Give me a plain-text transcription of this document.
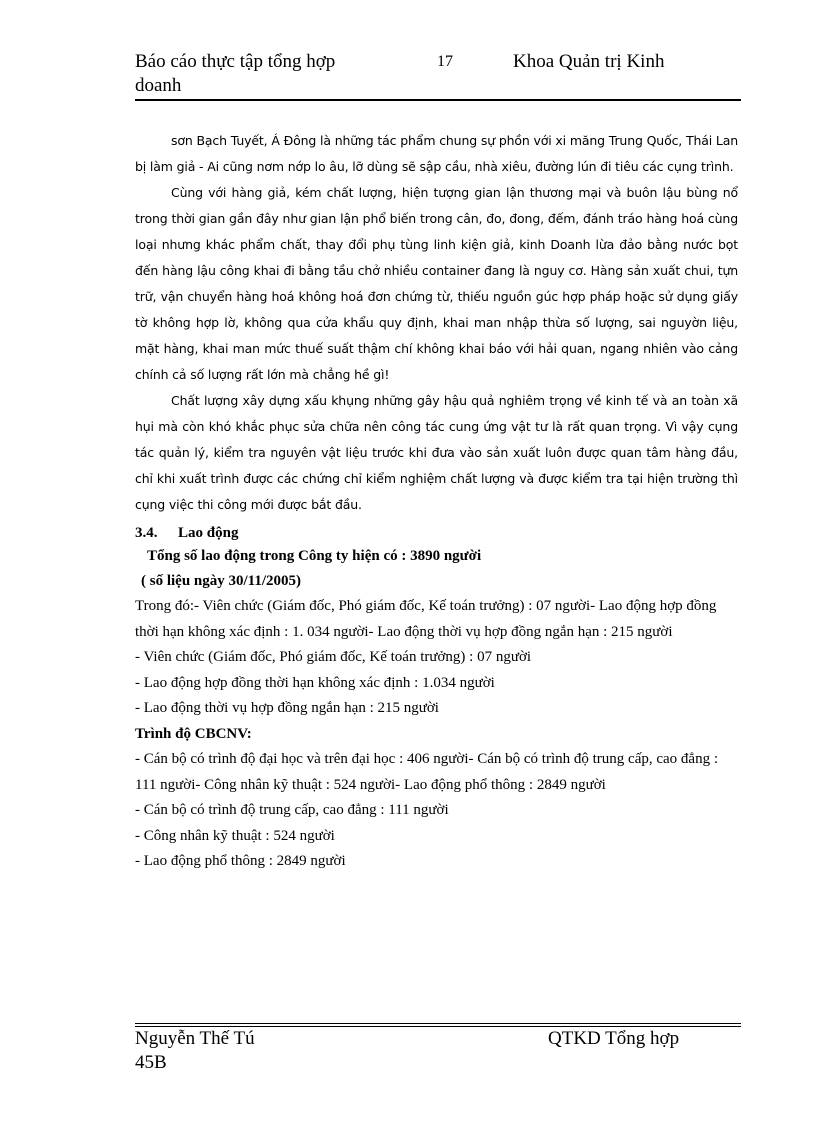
Báo cáo thực tập tổng hợp doanh
17	Khoa Quản trị Kinh

sơn Bạch Tuyết, Á Đông là những tác phẩm chung sự phồn với xi măng Trung Quốc, Thái Lan bị làm giả - Ai cũng nơm nớp lo âu, lỡ dùng sẽ sập cầu, nhà xiêu, đường lún đi tiêu các cụng trình.

Cùng với hàng giả, kém chất lượng, hiện tượng gian lận thương mại và buôn lậu bùng nổ trong thời gian gần đây như gian lận phổ biến trong cân, đo, đong, đếm, đánh tráo hàng hoá cùng loại nhưng khác phẩm chất, thay đổi phụ tùng linh kiện giả, kinh Doanh lừa đảo bằng nước bọt đến hàng lậu công khai đi bằng tầu chở nhiều container đang là nguy cơ. Hàng sản xuất chui, tựn trữ, vận chuyển hàng hoá không hoá đơn chứng từ, thiếu nguồn gúc hợp pháp hoặc sử dụng giấy tờ không hợp lờ, không qua cửa khẩu quy định, khai man nhập thừa số lượng, sai nguyờn liệu, mặt hàng, khai man mức thuế suất thậm chí không khai báo với hải quan, ngang nhiên vào cảng chính cả số lượng rất lớn mà chẳng hề gì!

Chất lượng xây dựng xấu khụng những gây hậu quả nghiêm trọng về kinh tế và an toàn xã hụi mà còn khó khắc phục sửa chữa nên công tác cung ứng vật tư là rất quan trọng. Vì vậy cụng tác quản lý, kiểm tra nguyên vật liệu trước khi đưa vào sản xuất luôn được quan tâm hàng đầu, chỉ khi xuất trình được các chứng chỉ kiểm nghiệm chất lượng và được kiểm tra tại hiện trường thì cụng việc thi công mới được bắt đầu.

3.4. Lao động
Tổng số lao động trong Công ty hiện có : 3890 người
( số liệu ngày 30/11/2005)

Trong đó:- Viên chức (Giám đốc, Phó giám đốc, Kế toán trưởng) : 07 người- Lao động hợp đồng thời hạn không xác định : 1. 034 người- Lao động thời vụ hợp đồng ngắn hạn : 215 người

- Viên chức (Giám đốc, Phó giám đốc, Kế toán trưởng) : 07 người

- Lao động hợp đồng thời hạn không xác định : 1.034 người

- Lao động thời vụ hợp đồng ngắn hạn : 215 người

Trình độ CBCNV:

- Cán bộ có trình độ đại học và trên đại học : 406 người- Cán bộ có trình độ trung cấp, cao đẳng : 111 người- Công nhân kỹ thuật : 524 người- Lao động phổ thông : 2849 người

- Cán bộ có trình độ trung cấp, cao đẳng : 111 người

- Công nhân kỹ thuật : 524 người

- Lao động phổ thông : 2849 người

Nguyễn Thế Tú
45B
QTKD Tổng hợp
